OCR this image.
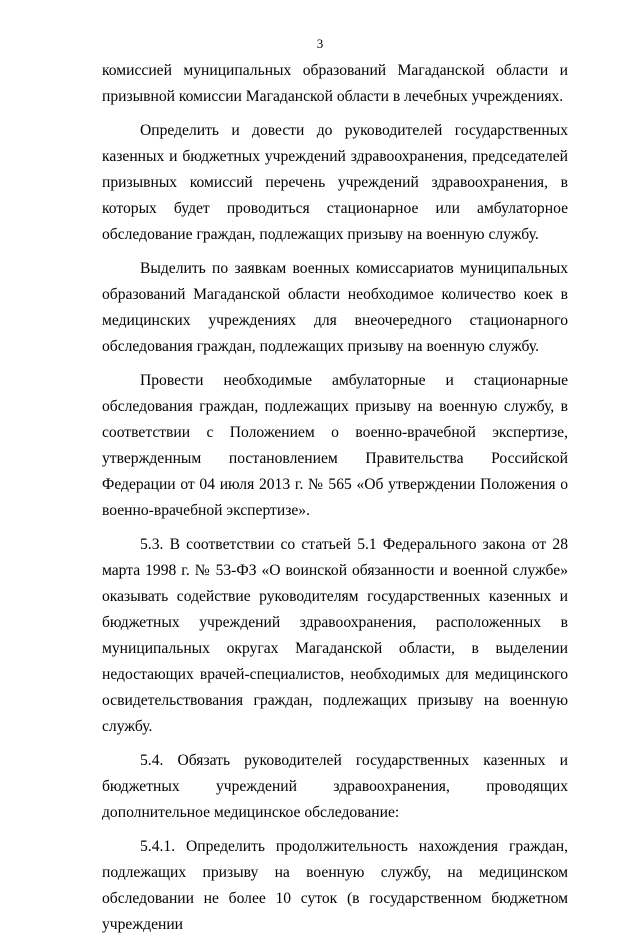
3

комиссией муниципальных образований Магаданской области и призывной комиссии Магаданской области в лечебных учреждениях.

Определить и довести до руководителей государственных казенных и бюджетных учреждений здравоохранения, председателей призывных комиссий перечень учреждений здравоохранения, в которых будет проводиться стационарное или амбулаторное обследование граждан, подлежащих призыву на военную службу.

Выделить по заявкам военных комиссариатов муниципальных образований Магаданской области необходимое количество коек в медицинских учреждениях для внеочередного стационарного обследования граждан, подлежащих призыву на военную службу.

Провести необходимые амбулаторные и стационарные обследования граждан, подлежащих призыву на военную службу, в соответствии с Положением о военно-врачебной экспертизе, утвержденным постановлением Правительства Российской Федерации от 04 июля 2013 г. № 565 «Об утверждении Положения о военно-врачебной экспертизе».

5.3. В соответствии со статьей 5.1 Федерального закона от 28 марта 1998 г. № 53-ФЗ «О воинской обязанности и военной службе» оказывать содействие руководителям государственных казенных и бюджетных учреждений здравоохранения, расположенных в муниципальных округах Магаданской области, в выделении недостающих врачей-специалистов, необходимых для медицинского освидетельствования граждан, подлежащих призыву на военную службу.

5.4. Обязать руководителей государственных казенных и бюджетных учреждений здравоохранения, проводящих дополнительное медицинское обследование:

5.4.1. Определить продолжительность нахождения граждан, подлежащих призыву на военную службу, на медицинском обследовании не более 10 суток (в государственном бюджетном учреждении
